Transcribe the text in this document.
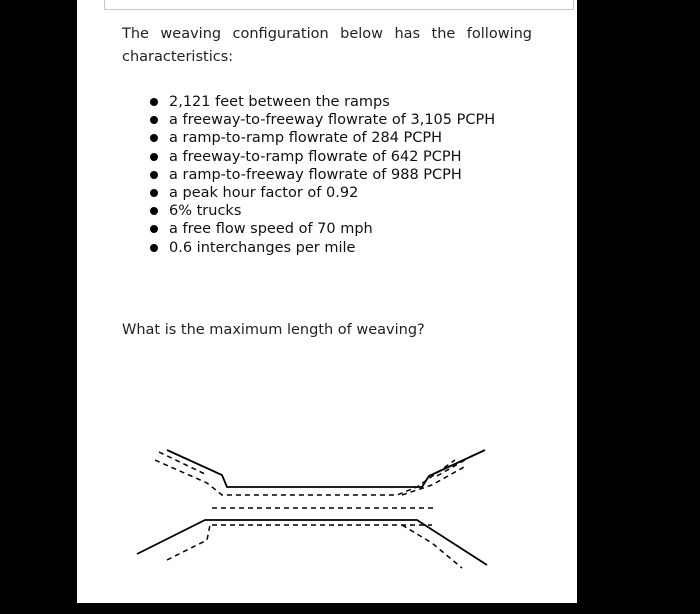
The weaving configuration below has the following characteristics:

2,121 feet between the ramps
a freeway-to-freeway flowrate of 3,105 PCPH
a ramp-to-ramp flowrate of 284 PCPH
a freeway-to-ramp flowrate of 642 PCPH
a ramp-to-freeway flowrate of 988 PCPH
a peak hour factor of 0.92
6% trucks
a free flow speed of 70 mph
0.6 interchanges per mile

What is the maximum length of weaving?
